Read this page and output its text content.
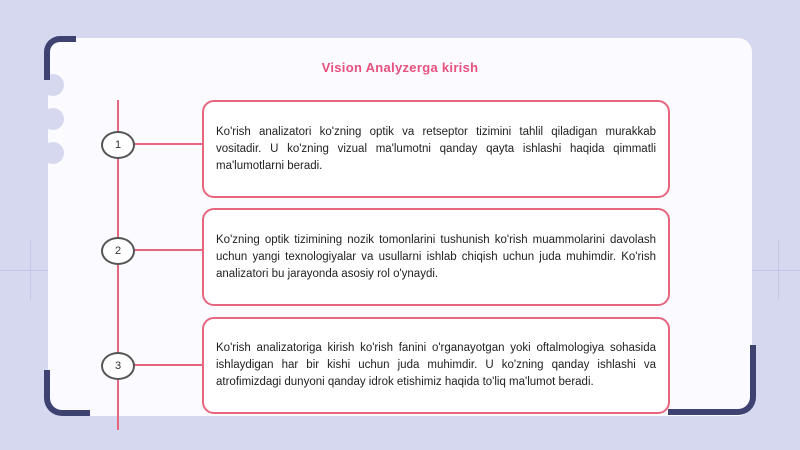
Vision Analyzerga kirish
1

Ko'rish analizatori ko'zning optik va retseptor tizimini tahlil qiladigan murakkab vositadir. U ko'zning vizual ma'lumotni qanday qayta ishlashi haqida qimmatli ma'lumotlarni beradi.

2

Ko'zning optik tizimining nozik tomonlarini tushunish ko'rish muammolarini davolash uchun yangi texnologiyalar va usullarni ishlab chiqish uchun juda muhimdir. Ko'rish analizatori bu jarayonda asosiy rol o'ynaydi.

3

Ko'rish analizatoriga kirish ko'rish fanini o'rganayotgan yoki oftalmologiya sohasida ishlaydigan har bir kishi uchun juda muhimdir. U ko'zning qanday ishlashi va atrofimizdagi dunyoni qanday idrok etishimiz haqida to'liq ma'lumot beradi.
